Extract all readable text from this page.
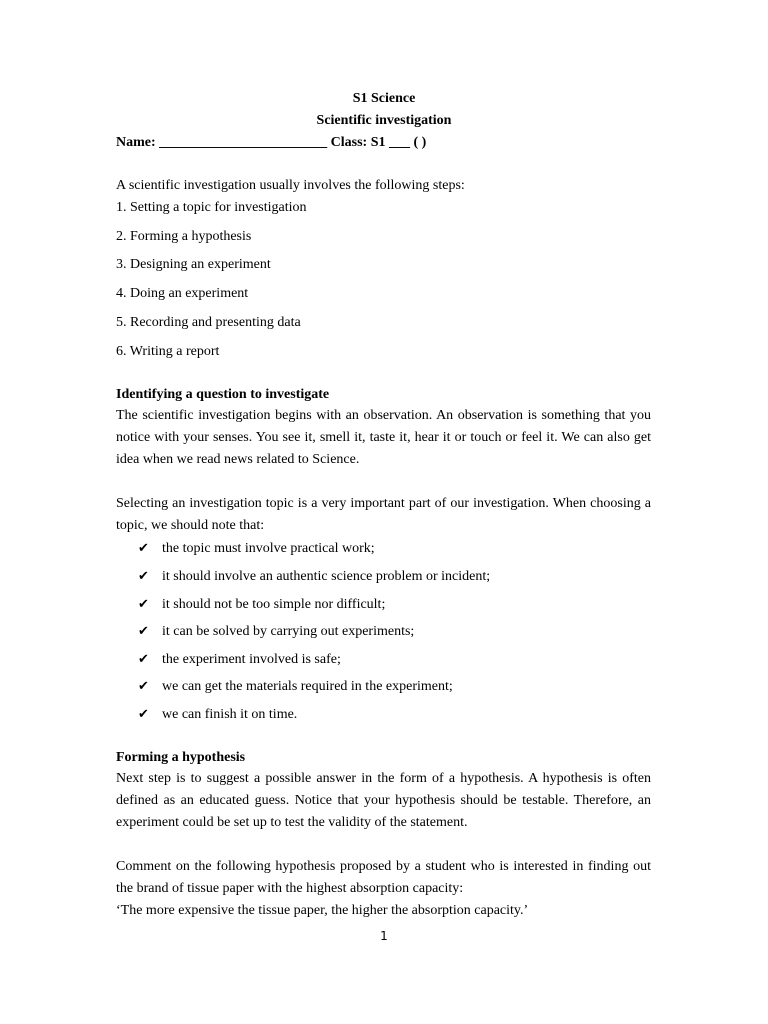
S1 Science
Scientific investigation
Name: ________________________ Class: S1 ___ ( )
A scientific investigation usually involves the following steps:
1. Setting a topic for investigation
2. Forming a hypothesis
3. Designing an experiment
4. Doing an experiment
5. Recording and presenting data
6. Writing a report
Identifying a question to investigate
The scientific investigation begins with an observation. An observation is something that you notice with your senses. You see it, smell it, taste it, hear it or touch or feel it. We can also get idea when we read news related to Science.
Selecting an investigation topic is a very important part of our investigation. When choosing a topic, we should note that:
✔ the topic must involve practical work;
✔ it should involve an authentic science problem or incident;
✔ it should not be too simple nor difficult;
✔ it can be solved by carrying out experiments;
✔ the experiment involved is safe;
✔ we can get the materials required in the experiment;
✔ we can finish it on time.
Forming a hypothesis
Next step is to suggest a possible answer in the form of a hypothesis. A hypothesis is often defined as an educated guess. Notice that your hypothesis should be testable. Therefore, an experiment could be set up to test the validity of the statement.
Comment on the following hypothesis proposed by a student who is interested in finding out the brand of tissue paper with the highest absorption capacity:
‘The more expensive the tissue paper, the higher the absorption capacity.’
1
